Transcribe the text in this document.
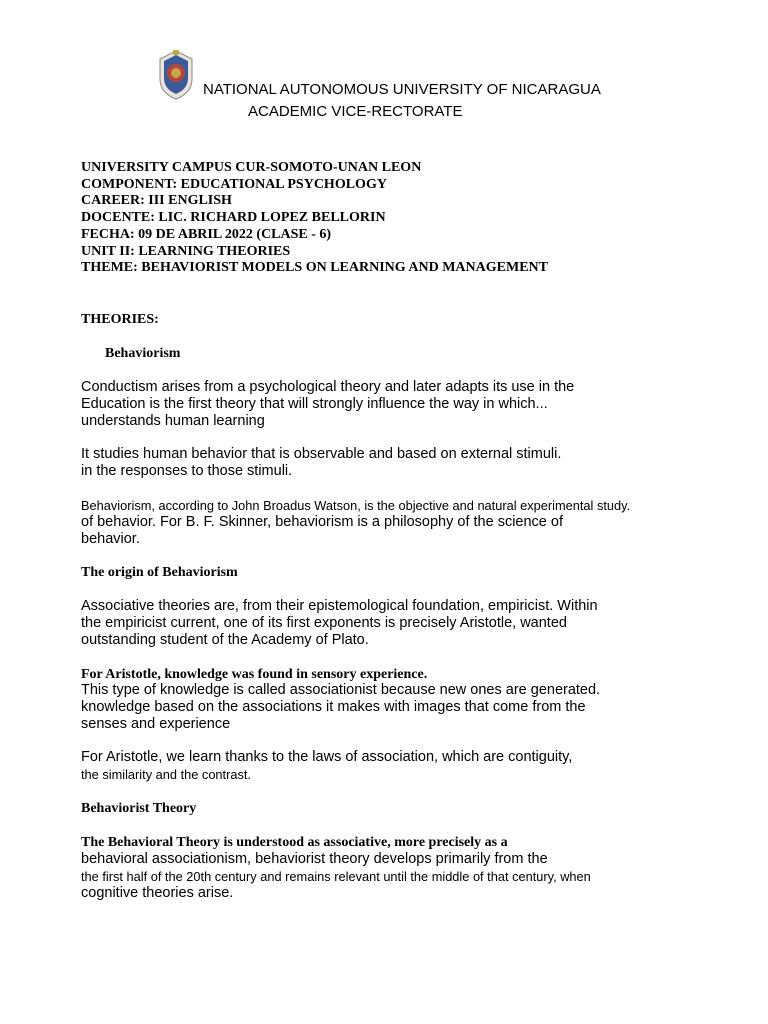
NATIONAL AUTONOMOUS UNIVERSITY OF NICARAGUA
ACADEMIC VICE-RECTORATE
UNIVERSITY CAMPUS CUR-SOMOTO-UNAN LEON
COMPONENT: EDUCATIONAL PSYCHOLOGY
CAREER: III ENGLISH
DOCENTE: LIC. RICHARD LOPEZ BELLORIN
FECHA: 09 DE ABRIL 2022 (CLASE - 6)
UNIT II: LEARNING THEORIES
THEME: BEHAVIORIST MODELS ON LEARNING AND MANAGEMENT
THEORIES:
Behaviorism
Conductism arises from a psychological theory and later adapts its use in the
Education is the first theory that will strongly influence the way in which...
understands human learning
It studies human behavior that is observable and based on external stimuli.
in the responses to those stimuli.
Behaviorism, according to John Broadus Watson, is the objective and natural experimental study.
of behavior. For B. F. Skinner, behaviorism is a philosophy of the science of
behavior.
The origin of Behaviorism
Associative theories are, from their epistemological foundation, empiricist. Within
the empiricist current, one of its first exponents is precisely Aristotle, wanted
outstanding student of the Academy of Plato.
For Aristotle, knowledge was found in sensory experience.
This type of knowledge is called associationist because new ones are generated.
knowledge based on the associations it makes with images that come from the
senses and experience
For Aristotle, we learn thanks to the laws of association, which are contiguity,
the similarity and the contrast.
Behaviorist Theory
The Behavioral Theory is understood as associative, more precisely as a
behavioral associationism, behaviorist theory develops primarily from the
the first half of the 20th century and remains relevant until the middle of that century, when
cognitive theories arise.
